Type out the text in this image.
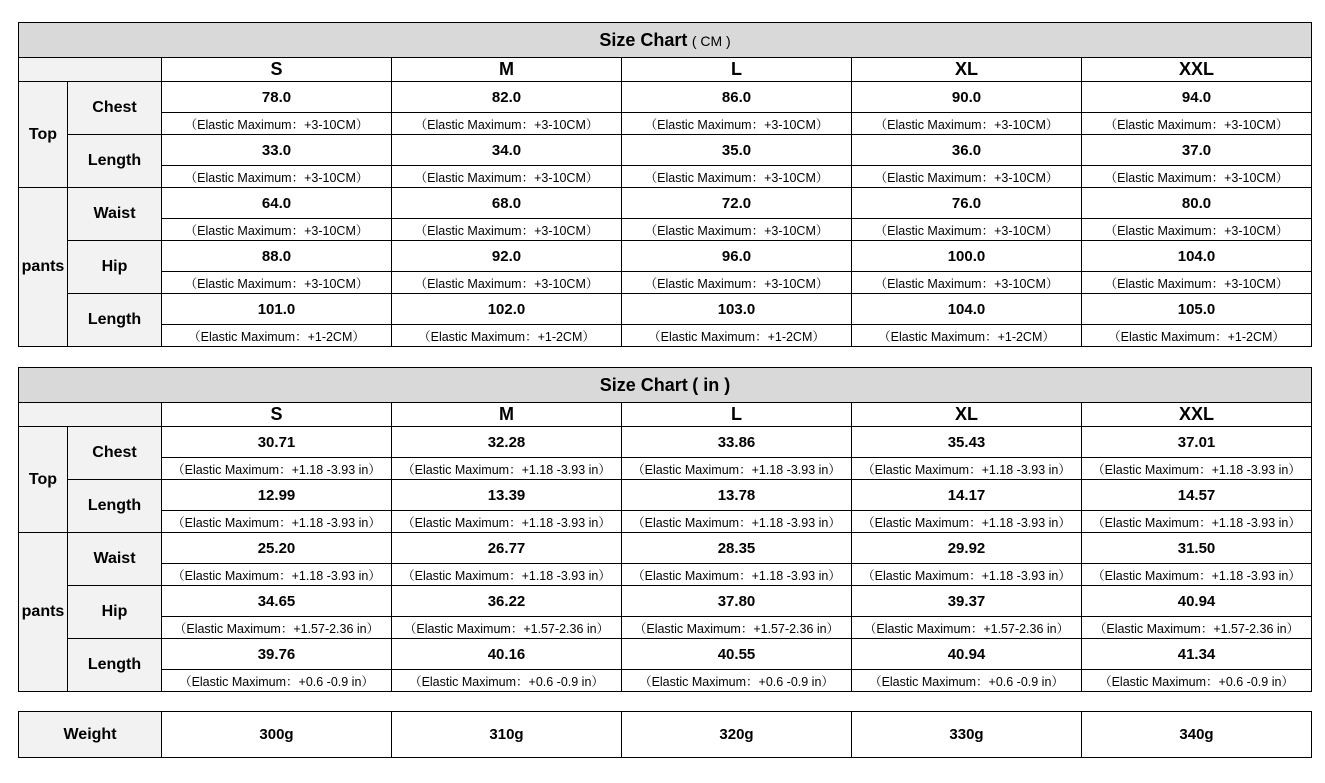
Size Chart ( CM )						
		S	M	L	XL	XXL
Top	Chest	78.0	82.0	86.0	90.0	94.0
		（Elastic Maximum：+3-10CM）	（Elastic Maximum：+3-10CM）	（Elastic Maximum：+3-10CM）	（Elastic Maximum：+3-10CM）	（Elastic Maximum：+3-10CM）
	Length	33.0	34.0	35.0	36.0	37.0
		（Elastic Maximum：+3-10CM）	（Elastic Maximum：+3-10CM）	（Elastic Maximum：+3-10CM）	（Elastic Maximum：+3-10CM）	（Elastic Maximum：+3-10CM）
pants	Waist	64.0	68.0	72.0	76.0	80.0
		（Elastic Maximum：+3-10CM）	（Elastic Maximum：+3-10CM）	（Elastic Maximum：+3-10CM）	（Elastic Maximum：+3-10CM）	（Elastic Maximum：+3-10CM）
	Hip	88.0	92.0	96.0	100.0	104.0
		（Elastic Maximum：+3-10CM）	（Elastic Maximum：+3-10CM）	（Elastic Maximum：+3-10CM）	（Elastic Maximum：+3-10CM）	（Elastic Maximum：+3-10CM）
	Length	101.0	102.0	103.0	104.0	105.0
		（Elastic Maximum：+1-2CM）	（Elastic Maximum：+1-2CM）	（Elastic Maximum：+1-2CM）	（Elastic Maximum：+1-2CM）	（Elastic Maximum：+1-2CM）
Size Chart ( in )						
		S	M	L	XL	XXL
Top	Chest	30.71	32.28	33.86	35.43	37.01
		（Elastic Maximum：+1.18 -3.93 in）	（Elastic Maximum：+1.18 -3.93 in）	（Elastic Maximum：+1.18 -3.93 in）	（Elastic Maximum：+1.18 -3.93 in）	（Elastic Maximum：+1.18 -3.93 in）
	Length	12.99	13.39	13.78	14.17	14.57
		（Elastic Maximum：+1.18 -3.93 in）	（Elastic Maximum：+1.18 -3.93 in）	（Elastic Maximum：+1.18 -3.93 in）	（Elastic Maximum：+1.18 -3.93 in）	（Elastic Maximum：+1.18 -3.93 in）
pants	Waist	25.20	26.77	28.35	29.92	31.50
		（Elastic Maximum：+1.18 -3.93 in）	（Elastic Maximum：+1.18 -3.93 in）	（Elastic Maximum：+1.18 -3.93 in）	（Elastic Maximum：+1.18 -3.93 in）	（Elastic Maximum：+1.18 -3.93 in）
	Hip	34.65	36.22	37.80	39.37	40.94
		（Elastic Maximum：+1.57-2.36 in）	（Elastic Maximum：+1.57-2.36 in）	（Elastic Maximum：+1.57-2.36 in）	（Elastic Maximum：+1.57-2.36 in）	（Elastic Maximum：+1.57-2.36 in）
	Length	39.76	40.16	40.55	40.94	41.34
		（Elastic Maximum：+0.6 -0.9 in）	（Elastic Maximum：+0.6 -0.9 in）	（Elastic Maximum：+0.6 -0.9 in）	（Elastic Maximum：+0.6 -0.9 in）	（Elastic Maximum：+0.6 -0.9 in）
Weight	300g	310g	320g	330g	340g
